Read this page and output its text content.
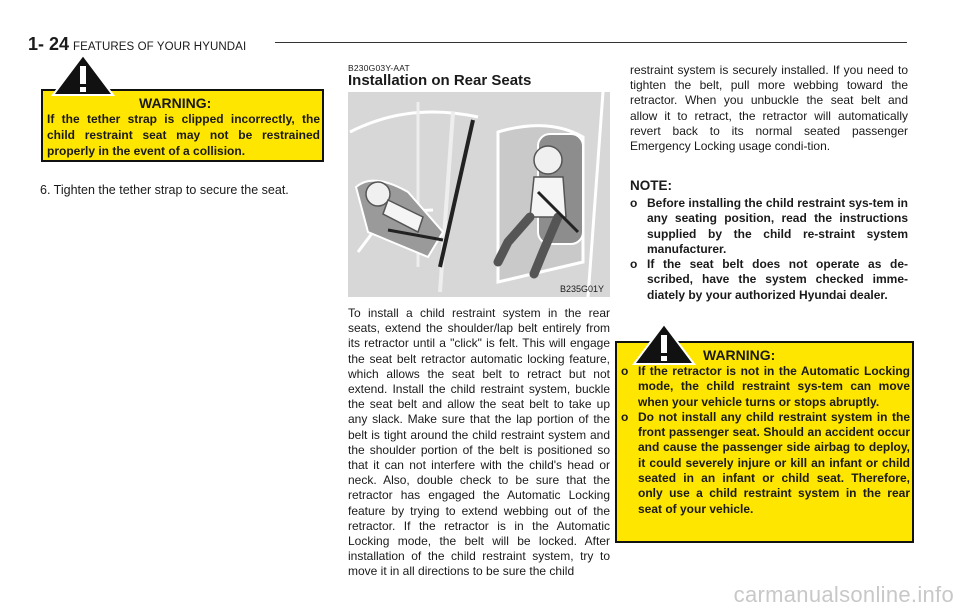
1- 24 FEATURES OF YOUR HYUNDAI
WARNING:
If the tether strap is clipped incorrectly, the child restraint seat may not be restrained properly in the event of a collision.
6. Tighten the tether strap to secure the seat.
B230G03Y-AAT
Installation on Rear Seats
B235G01Y
To install a child restraint system in the rear seats, extend the shoulder/lap belt entirely from its retractor until a "click" is felt. This will engage the seat belt retractor automatic locking feature, which allows the seat belt to retract but not extend. Install the child restraint system, buckle the seat belt and allow the seat belt to take up any slack. Make sure that the lap portion of the belt is tight around the child restraint system and the shoulder portion of the belt is positioned so that it can not interfere with the child's head or neck. Also, double check to be sure that the retractor has engaged the Automatic Locking feature by trying to extend webbing out of the retractor. If the retractor is in the Automatic Locking mode, the belt will be locked. After installation of the child restraint system, try to move it in all directions to be sure the child
restraint system is securely installed. If you need to tighten the belt, pull more webbing toward the retractor. When you unbuckle the seat belt and allow it to retract, the retractor will automatically revert back to its normal seated passenger Emergency Locking usage condi-tion.
NOTE:
o Before installing the child restraint sys-tem in any seating position, read the instructions supplied by the child re-straint system manufacturer.
o If the seat belt does not operate as de-scribed, have the system checked imme-diately by your authorized Hyundai dealer.
WARNING:
o If the retractor is not in the Automatic Locking mode, the child restraint sys-tem can move when your vehicle turns or stops abruptly.
o Do not install any child restraint system in the front passenger seat. Should an accident occur and cause the passenger side airbag to deploy, it could severely injure or kill an infant or child seated in an infant or child seat. Therefore, only use a child restraint system in the rear seat of your vehicle.
carmanualsonline.info
